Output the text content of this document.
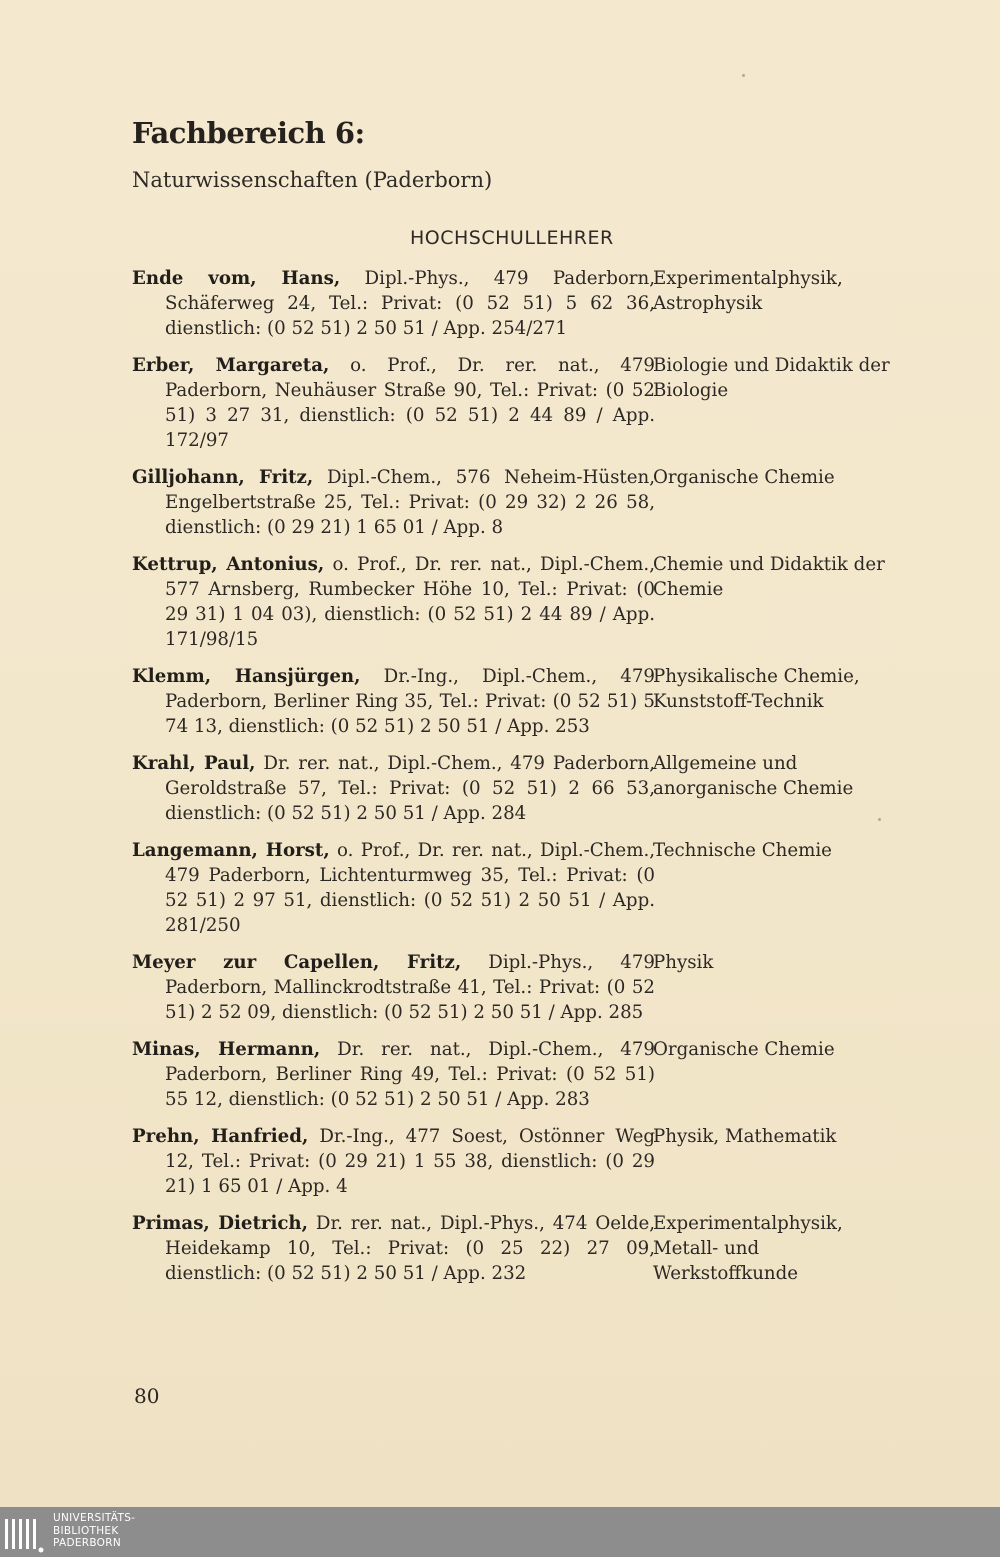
Fachbereich 6:
Naturwissenschaften (Paderborn)
HOCHSCHULLEHRER
Ende vom, Hans, Dipl.-Phys., 479 Paderborn, Schäferweg 24, Tel.: Privat: (0 52 51) 5 62 36, dienstlich: (0 52 51) 2 50 51 / App. 254/271
Experimentalphysik, Astrophysik
Erber, Margareta, o. Prof., Dr. rer. nat., 479 Paderborn, Neuhäuser Straße 90, Tel.: Privat: (0 52 51) 3 27 31, dienstlich: (0 52 51) 2 44 89 / App. 172/97
Biologie und Didaktik der Biologie
Gilljohann, Fritz, Dipl.-Chem., 576 Neheim-Hüsten, Engelbertstraße 25, Tel.: Privat: (0 29 32) 2 26 58, dienstlich: (0 29 21) 1 65 01 / App. 8
Organische Chemie
Kettrup, Antonius, o. Prof., Dr. rer. nat., Dipl.-Chem., 577 Arnsberg, Rumbecker Höhe 10, Tel.: Privat: (0 29 31) 1 04 03), dienstlich: (0 52 51) 2 44 89 / App. 171/98/15
Chemie und Didaktik der Chemie
Klemm, Hansjürgen, Dr.-Ing., Dipl.-Chem., 479 Paderborn, Berliner Ring 35, Tel.: Privat: (0 52 51) 5 74 13, dienstlich: (0 52 51) 2 50 51 / App. 253
Physikalische Chemie, Kunststoff-Technik
Krahl, Paul, Dr. rer. nat., Dipl.-Chem., 479 Paderborn, Geroldstraße 57, Tel.: Privat: (0 52 51) 2 66 53, dienstlich: (0 52 51) 2 50 51 / App. 284
Allgemeine und anorganische Chemie
Langemann, Horst, o. Prof., Dr. rer. nat., Dipl.-Chem., 479 Paderborn, Lichtenturmweg 35, Tel.: Privat: (0 52 51) 2 97 51, dienstlich: (0 52 51) 2 50 51 / App. 281/250
Technische Chemie
Meyer zur Capellen, Fritz, Dipl.-Phys., 479 Paderborn, Mallinckrodtstraße 41, Tel.: Privat: (0 52 51) 2 52 09, dienstlich: (0 52 51) 2 50 51 / App. 285
Physik
Minas, Hermann, Dr. rer. nat., Dipl.-Chem., 479 Paderborn, Berliner Ring 49, Tel.: Privat: (0 52 51) 55 12, dienstlich: (0 52 51) 2 50 51 / App. 283
Organische Chemie
Prehn, Hanfried, Dr.-Ing., 477 Soest, Ostönner Weg 12, Tel.: Privat: (0 29 21) 1 55 38, dienstlich: (0 29 21) 1 65 01 / App. 4
Physik, Mathematik
Primas, Dietrich, Dr. rer. nat., Dipl.-Phys., 474 Oelde, Heidekamp 10, Tel.: Privat: (0 25 22) 27 09, dienstlich: (0 52 51) 2 50 51 / App. 232
Experimentalphysik, Metall- und Werkstoffkunde
80
UNIVERSITÄTS-
BIBLIOTHEK
PADERBORN
